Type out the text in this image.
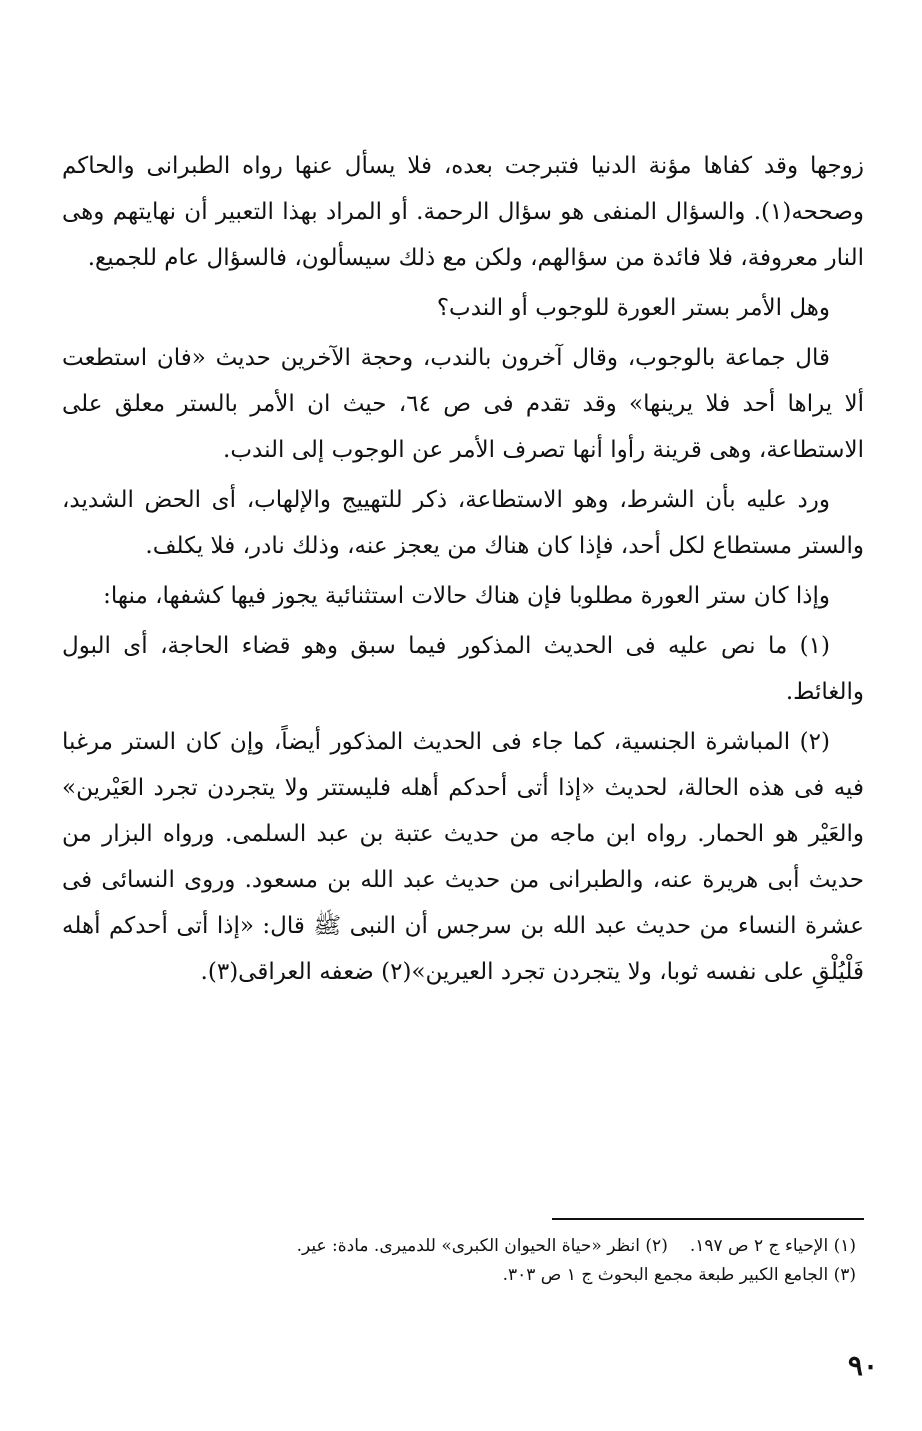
زوجها وقد كفاها مؤنة الدنيا فتبرجت بعده، فلا يسأل عنها رواه الطبرانى والحاكم وصححه(١). والسؤال المنفى هو سؤال الرحمة. أو المراد بهذا التعبير أن نهايتهم وهى النار معروفة، فلا فائدة من سؤالهم، ولكن مع ذلك سيسألون، فالسؤال عام للجميع.

وهل الأمر بستر العورة للوجوب أو الندب؟

قال جماعة بالوجوب، وقال آخرون بالندب، وحجة الآخرين حديث «فان استطعت ألا يراها أحد فلا يرينها» وقد تقدم فى ص ٦٤، حيث ان الأمر بالستر معلق على الاستطاعة، وهى قرينة رأوا أنها تصرف الأمر عن الوجوب إلى الندب.

ورد عليه بأن الشرط، وهو الاستطاعة، ذكر للتهييج والإلهاب، أى الحض الشديد، والستر مستطاع لكل أحد، فإذا كان هناك من يعجز عنه، وذلك نادر، فلا يكلف.

وإذا كان ستر العورة مطلوبا فإن هناك حالات استثنائية يجوز فيها كشفها، منها:

(١) ما نص عليه فى الحديث المذكور فيما سبق وهو قضاء الحاجة، أى البول والغائط.

(٢) المباشرة الجنسية، كما جاء فى الحديث المذكور أيضاً، وإن كان الستر مرغبا فيه فى هذه الحالة، لحديث «إذا أتى أحدكم أهله فليستتر ولا يتجردن تجرد العَيْرين» والعَيْر هو الحمار. رواه ابن ماجه من حديث عتبة بن عبد السلمى. ورواه البزار من حديث أبى هريرة عنه، والطبرانى من حديث عبد الله بن مسعود. وروى النسائى فى عشرة النساء من حديث عبد الله بن سرجس أن النبى ﷺ قال: «إذا أتى أحدكم أهله فَلْيُلْقِ على نفسه ثوبا، ولا يتجردن تجرد العيرين»(٢) ضعفه العراقى(٣).

(١) الإحياء ج ٢ ص ١٩٧.(٢) انظر «حياة الحيوان الكبرى» للدميرى. مادة: عير.
(٣) الجامع الكبير طبعة مجمع البحوث ج ١ ص ٣٠٣.
٩٠
